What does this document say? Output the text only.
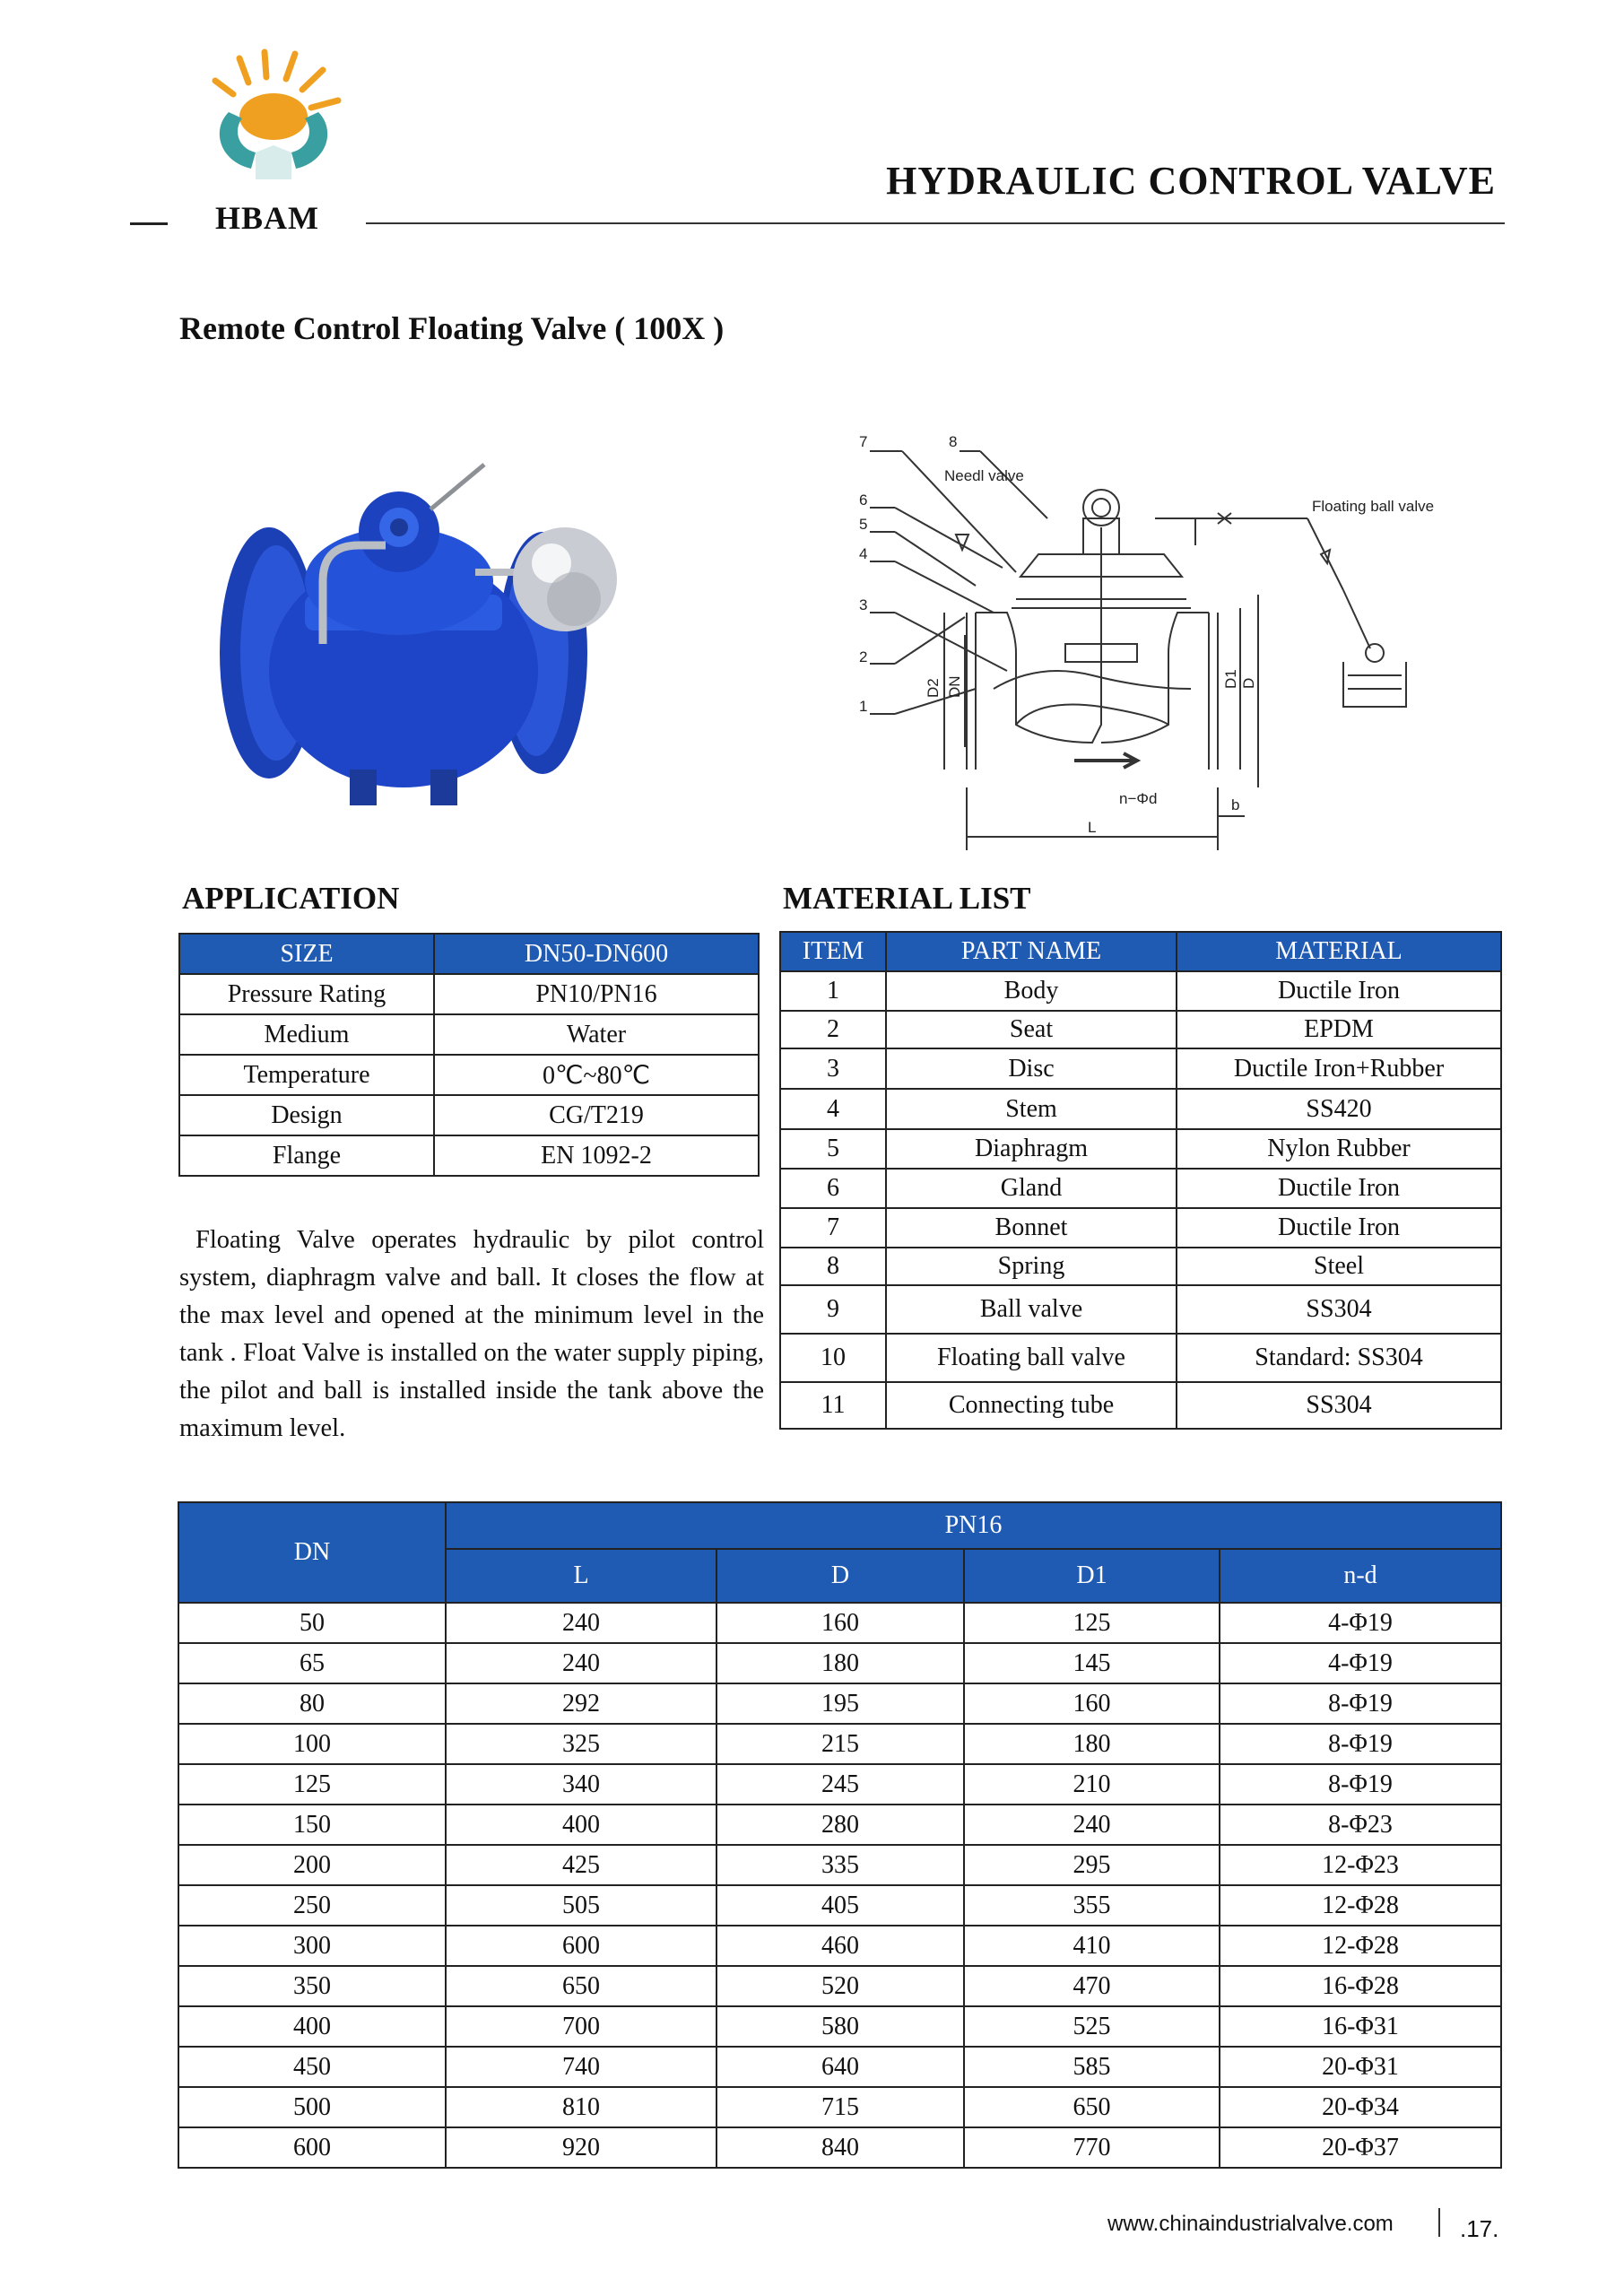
HBAM
HYDRAULIC CONTROL VALVE
Remote Control Floating Valve ( 100X )
7	8
6
5
4
3
2
1
Needl valve
Floating ball valve
D2 DN	D1 D
n−Φd	b
L
APPLICATION
SIZE	DN50-DN600
Pressure Rating	PN10/PN16
Medium	Water
Temperature	0℃~80℃
Design	CG/T219
Flange	EN 1092-2

Floating Valve operates hydraulic by pilot control system, diaphragm valve and ball. It closes the flow at the max level and opened at the minimum level in the tank . Float Valve is installed on the water supply piping, the pilot and ball is installed inside the tank above the maximum level.

MATERIAL LIST
ITEM	PART NAME	MATERIAL
1	Body	Ductile Iron
2	Seat	EPDM
3	Disc	Ductile Iron+Rubber
4	Stem	SS420
5	Diaphragm	Nylon Rubber
6	Gland	Ductile Iron
7	Bonnet	Ductile Iron
8	Spring	Steel
9	Ball valve	SS304
10	Floating ball valve	Standard: SS304
11	Connecting tube	SS304
DN	PN16			
	L	D	D1	n-d
50	240	160	125	4-Φ19
65	240	180	145	4-Φ19
80	292	195	160	8-Φ19
100	325	215	180	8-Φ19
125	340	245	210	8-Φ19
150	400	280	240	8-Φ23
200	425	335	295	12-Φ23
250	505	405	355	12-Φ28
300	600	460	410	12-Φ28
350	650	520	470	16-Φ28
400	700	580	525	16-Φ31
450	740	640	585	20-Φ31
500	810	715	650	20-Φ34
600	920	840	770	20-Φ37
www.chinaindustrialvalve.com	.17.
